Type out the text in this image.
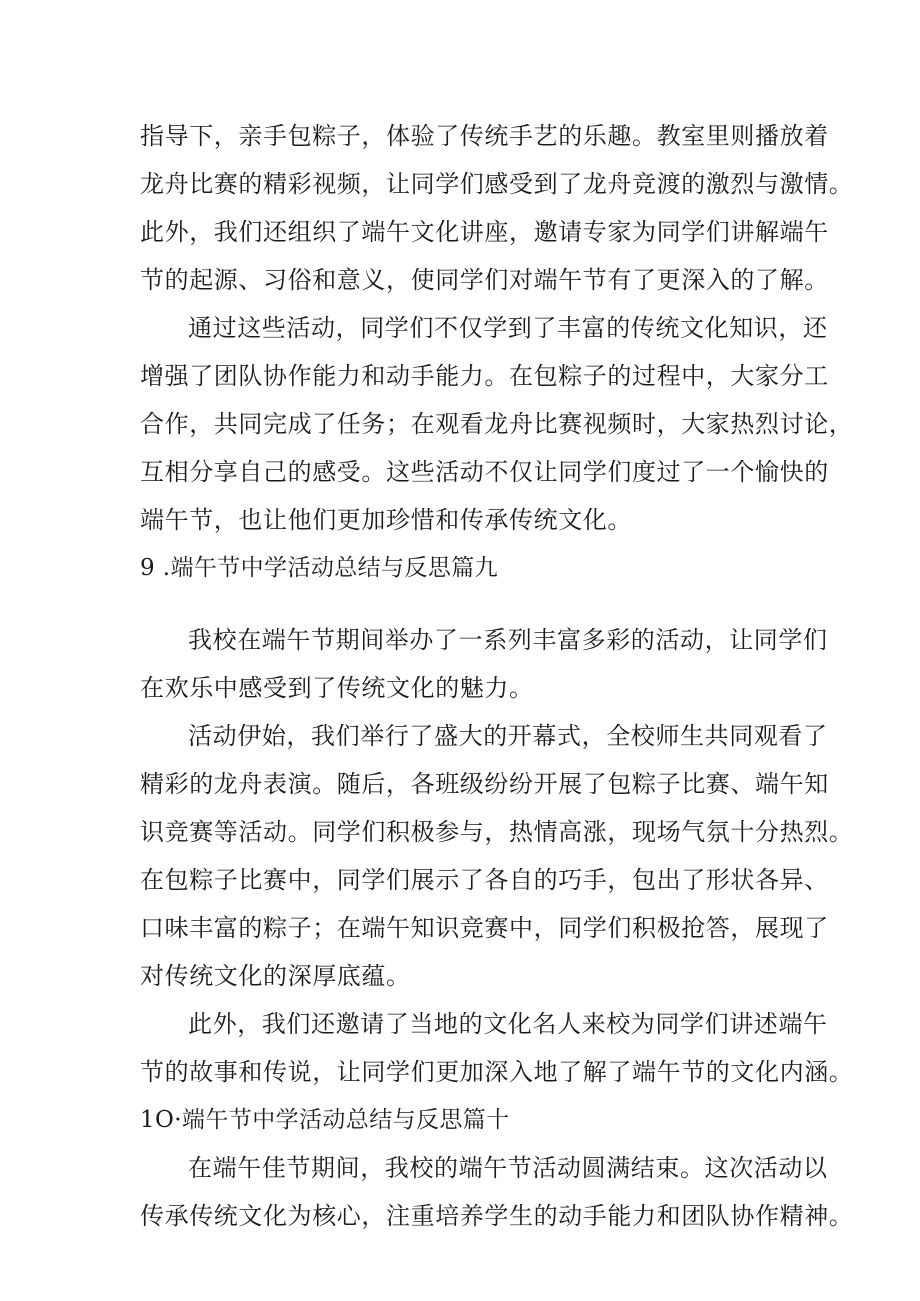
指导下，亲手包粽子，体验了传统手艺的乐趣。教室里则播放着
龙舟比赛的精彩视频，让同学们感受到了龙舟竞渡的激烈与激情。
此外，我们还组织了端午文化讲座，邀请专家为同学们讲解端午
节的起源、习俗和意义，使同学们对端午节有了更深入的了解。
通过这些活动，同学们不仅学到了丰富的传统文化知识，还
增强了团队协作能力和动手能力。在包粽子的过程中，大家分工
合作，共同完成了任务；在观看龙舟比赛视频时，大家热烈讨论，
互相分享自己的感受。这些活动不仅让同学们度过了一个愉快的
端午节，也让他们更加珍惜和传承传统文化。
9 .端午节中学活动总结与反思篇九
我校在端午节期间举办了一系列丰富多彩的活动，让同学们
在欢乐中感受到了传统文化的魅力。
活动伊始，我们举行了盛大的开幕式，全校师生共同观看了
精彩的龙舟表演。随后，各班级纷纷开展了包粽子比赛、端午知
识竞赛等活动。同学们积极参与，热情高涨，现场气氛十分热烈。
在包粽子比赛中，同学们展示了各自的巧手，包出了形状各异、
口味丰富的粽子；在端午知识竞赛中，同学们积极抢答，展现了
对传统文化的深厚底蕴。
此外，我们还邀请了当地的文化名人来校为同学们讲述端午
节的故事和传说，让同学们更加深入地了解了端午节的文化内涵。
1O·端午节中学活动总结与反思篇十
在端午佳节期间，我校的端午节活动圆满结束。这次活动以
传承传统文化为核心，注重培养学生的动手能力和团队协作精神。
